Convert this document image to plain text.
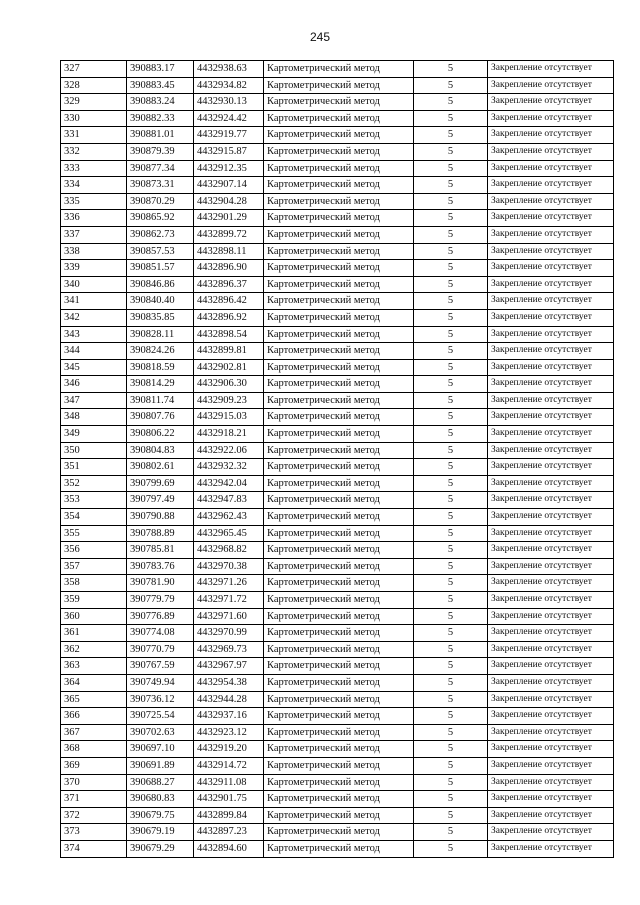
245
327	390883.17	4432938.63	Картометрический метод	5	Закрепление отсутствует
328	390883.45	4432934.82	Картометрический метод	5	Закрепление отсутствует
329	390883.24	4432930.13	Картометрический метод	5	Закрепление отсутствует
330	390882.33	4432924.42	Картометрический метод	5	Закрепление отсутствует
331	390881.01	4432919.77	Картометрический метод	5	Закрепление отсутствует
332	390879.39	4432915.87	Картометрический метод	5	Закрепление отсутствует
333	390877.34	4432912.35	Картометрический метод	5	Закрепление отсутствует
334	390873.31	4432907.14	Картометрический метод	5	Закрепление отсутствует
335	390870.29	4432904.28	Картометрический метод	5	Закрепление отсутствует
336	390865.92	4432901.29	Картометрический метод	5	Закрепление отсутствует
337	390862.73	4432899.72	Картометрический метод	5	Закрепление отсутствует
338	390857.53	4432898.11	Картометрический метод	5	Закрепление отсутствует
339	390851.57	4432896.90	Картометрический метод	5	Закрепление отсутствует
340	390846.86	4432896.37	Картометрический метод	5	Закрепление отсутствует
341	390840.40	4432896.42	Картометрический метод	5	Закрепление отсутствует
342	390835.85	4432896.92	Картометрический метод	5	Закрепление отсутствует
343	390828.11	4432898.54	Картометрический метод	5	Закрепление отсутствует
344	390824.26	4432899.81	Картометрический метод	5	Закрепление отсутствует
345	390818.59	4432902.81	Картометрический метод	5	Закрепление отсутствует
346	390814.29	4432906.30	Картометрический метод	5	Закрепление отсутствует
347	390811.74	4432909.23	Картометрический метод	5	Закрепление отсутствует
348	390807.76	4432915.03	Картометрический метод	5	Закрепление отсутствует
349	390806.22	4432918.21	Картометрический метод	5	Закрепление отсутствует
350	390804.83	4432922.06	Картометрический метод	5	Закрепление отсутствует
351	390802.61	4432932.32	Картометрический метод	5	Закрепление отсутствует
352	390799.69	4432942.04	Картометрический метод	5	Закрепление отсутствует
353	390797.49	4432947.83	Картометрический метод	5	Закрепление отсутствует
354	390790.88	4432962.43	Картометрический метод	5	Закрепление отсутствует
355	390788.89	4432965.45	Картометрический метод	5	Закрепление отсутствует
356	390785.81	4432968.82	Картометрический метод	5	Закрепление отсутствует
357	390783.76	4432970.38	Картометрический метод	5	Закрепление отсутствует
358	390781.90	4432971.26	Картометрический метод	5	Закрепление отсутствует
359	390779.79	4432971.72	Картометрический метод	5	Закрепление отсутствует
360	390776.89	4432971.60	Картометрический метод	5	Закрепление отсутствует
361	390774.08	4432970.99	Картометрический метод	5	Закрепление отсутствует
362	390770.79	4432969.73	Картометрический метод	5	Закрепление отсутствует
363	390767.59	4432967.97	Картометрический метод	5	Закрепление отсутствует
364	390749.94	4432954.38	Картометрический метод	5	Закрепление отсутствует
365	390736.12	4432944.28	Картометрический метод	5	Закрепление отсутствует
366	390725.54	4432937.16	Картометрический метод	5	Закрепление отсутствует
367	390702.63	4432923.12	Картометрический метод	5	Закрепление отсутствует
368	390697.10	4432919.20	Картометрический метод	5	Закрепление отсутствует
369	390691.89	4432914.72	Картометрический метод	5	Закрепление отсутствует
370	390688.27	4432911.08	Картометрический метод	5	Закрепление отсутствует
371	390680.83	4432901.75	Картометрический метод	5	Закрепление отсутствует
372	390679.75	4432899.84	Картометрический метод	5	Закрепление отсутствует
373	390679.19	4432897.23	Картометрический метод	5	Закрепление отсутствует
374	390679.29	4432894.60	Картометрический метод	5	Закрепление отсутствует
